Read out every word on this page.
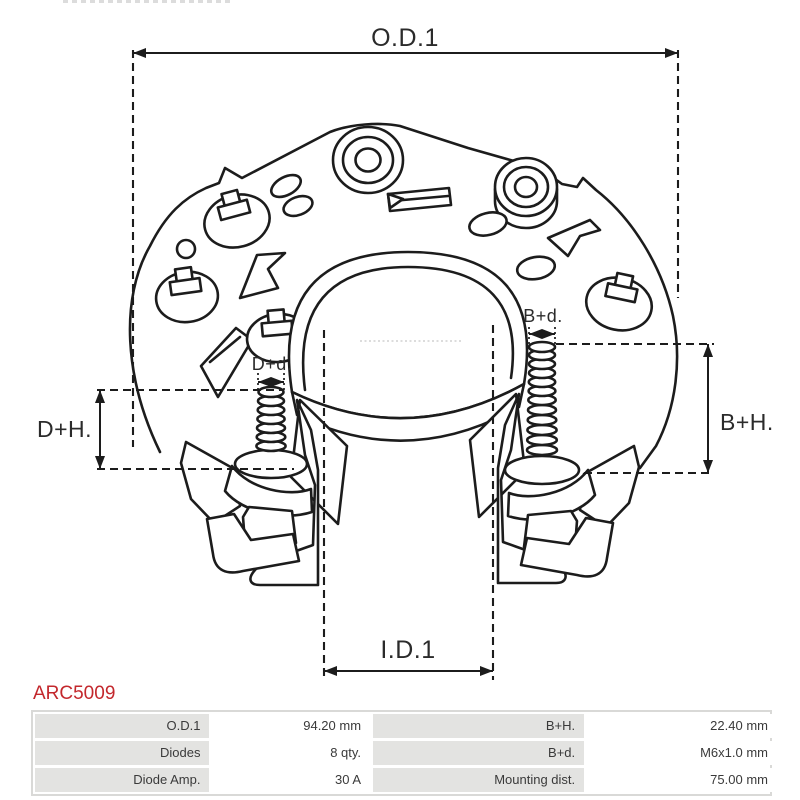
O.D.1
D+H.
D+d.
B+d.
B+H.
I.D.1
ARC5009
O.D.1	94.20 mm	B+H.	22.40 mm
Diodes	8 qty.	B+d.	M6x1.0 mm
Diode Amp.	30 A	Mounting dist.	75.00 mm
